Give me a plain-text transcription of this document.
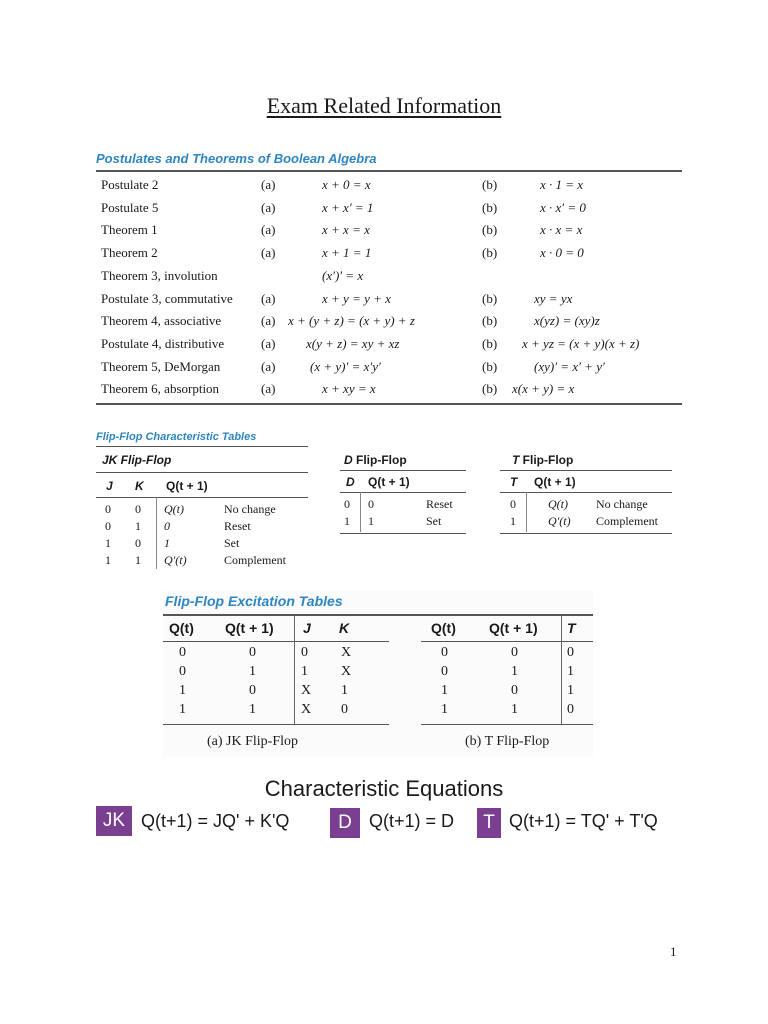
Exam Related Information
Postulates and Theorems of Boolean Algebra
Postulate 2	(a)	x + 0 = x	(b)	x · 1 = x
Postulate 5	(a)	x + x′ = 1	(b)	x · x′ = 0
Theorem 1	(a)	x + x = x	(b)	x · x = x
Theorem 2	(a)	x + 1 = 1	(b)	x · 0 = 0
Theorem 3, involution	(x′)′ = x
Postulate 3, commutative (a)	x + y = y + x	(b)	xy = yx
Theorem 4, associative	(a) x + (y + z) = (x + y) + z	(b)	x(yz) = (xy)z
Postulate 4, distributive	(a) x(y + z) = xy + xz	(b) x + yz = (x + y)(x + z)
Theorem 5, DeMorgan	(a)	(x + y)′ = x′y′	(b)	(xy)′ = x′ + y′
Theorem 6, absorption	(a)	x + xy = x	(b) x(x + y) = x
Flip-Flop Characteristic Tables
JK Flip-Flop
J K Q(t + 1)
0 0 Q(t)	No change
0 1 0	Reset
1 0 1	Set
1 1 Q′(t)	Complement
D Flip-Flop
D Q(t + 1)
0 0	Reset
1 1	Set
T Flip-Flop
T Q(t + 1)
0	Q(t) No change
1	Q′(t) Complement
Flip-Flop Excitation Tables
Q(t) Q(t + 1) J K
0	0	0 X
0	1	1 X
1	0	X 1
1	1	X 0
(a) JK Flip-Flop
Q(t) Q(t + 1) T
0	0	0
0	1	1
1	0	1
1	1	0
(b) T Flip-Flop
Characteristic Equations
JK Q(t+1) = JQ' + K'Q	D Q(t+1) = D	T Q(t+1) = TQ' + T'Q
1
